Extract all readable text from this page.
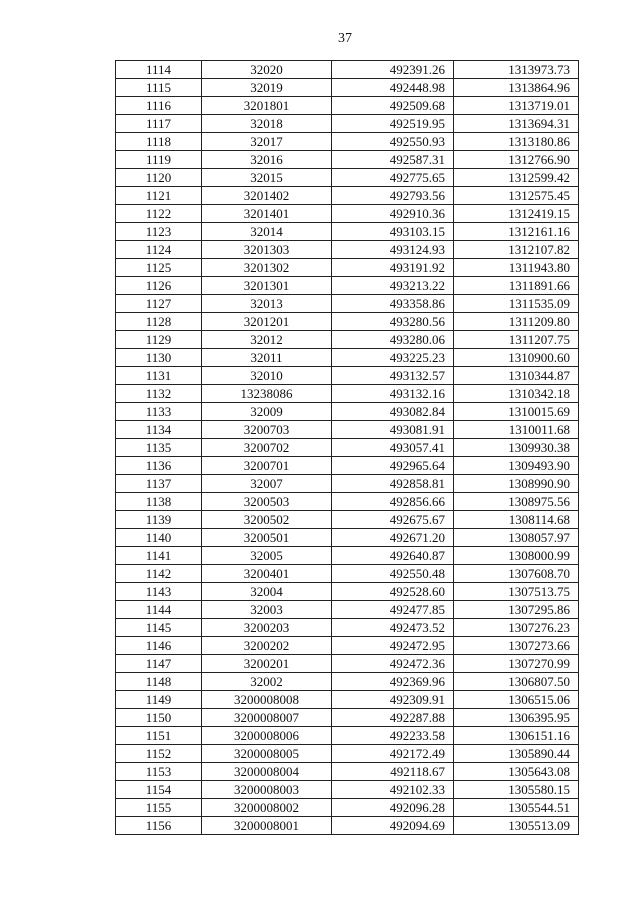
37
1114	32020	492391.26	1313973.73
1115	32019	492448.98	1313864.96
1116	3201801	492509.68	1313719.01
1117	32018	492519.95	1313694.31
1118	32017	492550.93	1313180.86
1119	32016	492587.31	1312766.90
1120	32015	492775.65	1312599.42
1121	3201402	492793.56	1312575.45
1122	3201401	492910.36	1312419.15
1123	32014	493103.15	1312161.16
1124	3201303	493124.93	1312107.82
1125	3201302	493191.92	1311943.80
1126	3201301	493213.22	1311891.66
1127	32013	493358.86	1311535.09
1128	3201201	493280.56	1311209.80
1129	32012	493280.06	1311207.75
1130	32011	493225.23	1310900.60
1131	32010	493132.57	1310344.87
1132	13238086	493132.16	1310342.18
1133	32009	493082.84	1310015.69
1134	3200703	493081.91	1310011.68
1135	3200702	493057.41	1309930.38
1136	3200701	492965.64	1309493.90
1137	32007	492858.81	1308990.90
1138	3200503	492856.66	1308975.56
1139	3200502	492675.67	1308114.68
1140	3200501	492671.20	1308057.97
1141	32005	492640.87	1308000.99
1142	3200401	492550.48	1307608.70
1143	32004	492528.60	1307513.75
1144	32003	492477.85	1307295.86
1145	3200203	492473.52	1307276.23
1146	3200202	492472.95	1307273.66
1147	3200201	492472.36	1307270.99
1148	32002	492369.96	1306807.50
1149	3200008008	492309.91	1306515.06
1150	3200008007	492287.88	1306395.95
1151	3200008006	492233.58	1306151.16
1152	3200008005	492172.49	1305890.44
1153	3200008004	492118.67	1305643.08
1154	3200008003	492102.33	1305580.15
1155	3200008002	492096.28	1305544.51
1156	3200008001	492094.69	1305513.09
